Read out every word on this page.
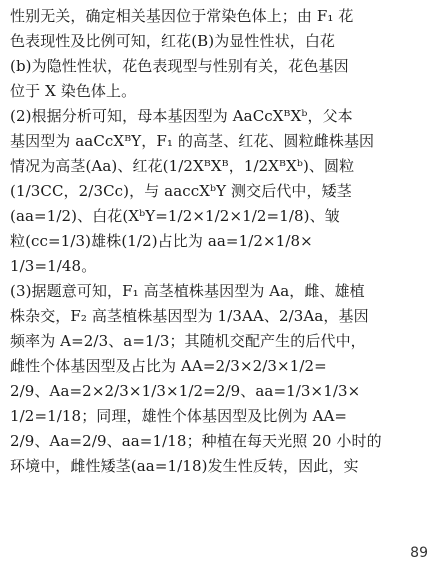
性别无关，确定相关基因位于常染色体上；由 F₁ 花
色表现性及比例可知，红花(B)为显性性状，白花
(b)为隐性性状，花色表现型与性别有关，花色基因
位于 X 染色体上。
(2)根据分析可知，母本基因型为 AaCcXᴮXᵇ，父本
基因型为 aaCcXᴮY，F₁ 的高茎、红花、圆粒雌株基因
情况为高茎(Aa)、红花(1/2XᴮXᴮ，1/2XᴮXᵇ)、圆粒
(1/3CC，2/3Cc)，与 aaccXᵇY 测交后代中，矮茎
(aa=1/2)、白花(XᵇY=1/2×1/2×1/2=1/8)、皱
粒(cc=1/3)雄株(1/2)占比为 aa=1/2×1/8×
1/3=1/48。
(3)据题意可知，F₁ 高茎植株基因型为 Aa，雌、雄植
株杂交，F₂ 高茎植株基因型为 1/3AA、2/3Aa，基因
频率为 A=2/3、a=1/3；其随机交配产生的后代中，
雌性个体基因型及占比为 AA=2/3×2/3×1/2=
2/9、Aa=2×2/3×1/3×1/2=2/9、aa=1/3×1/3×
1/2=1/18；同理，雄性个体基因型及比例为 AA=
2/9、Aa=2/9、aa=1/18；种植在每天光照 20 小时的
环境中，雌性矮茎(aa=1/18)发生性反转，因此，实
89
